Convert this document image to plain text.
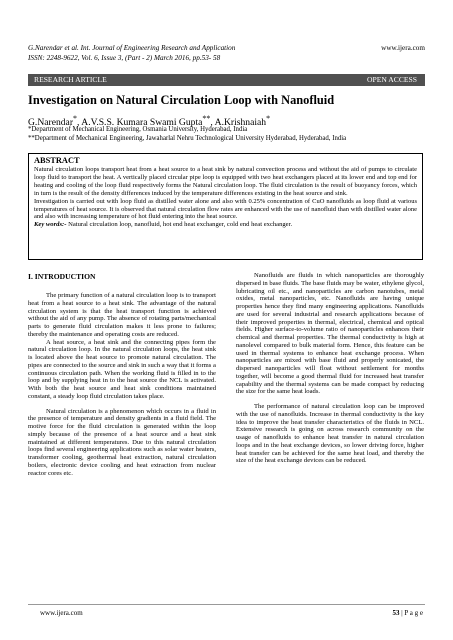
G.Narendar et al. Int. Journal of Engineering Research and Application
ISSN: 2248-9622, Vol. 6, Issue 3, (Part - 2) March 2016, pp.53- 58
www.ijera.com
RESEARCH ARTICLE	OPEN ACCESS
Investigation on Natural Circulation Loop with Nanofluid
G.Narendar*, A.V.S.S. Kumara Swami Gupta**, A.Krishnaiah*
*Department of Mechanical Engineering, Osmania University, Hyderabad, India
**Department of Mechanical Engineering, Jawaharlal Nehru Technological University Hyderabad, Hyderabad, India
ABSTRACT

Natural circulation loops transport heat from a heat source to a heat sink by natural convection process and without the aid of pumps to circulate loop fluid to transport the heat. A vertically placed circular pipe loop is equipped with two heat exchangers placed at its lower end and top end for heating and cooling of the loop fluid respectively forms the Natural circulation loop. The fluid circulation is the result of buoyancy forces, which in turn is the result of the density differences induced by the temperature differences existing in the heat source and sink.

Investigation is carried out with loop fluid as distilled water alone and also with 0.25% concentration of CuO nanofluids as loop fluid at various temperatures of heat source. It is observed that natural circulation flow rates are enhanced with the use of nanofluid than with distilled water alone and also with increasing temperature of hot fluid entering into the heat source.

Key words:- Natural circulation loop, nanofluid, hot end heat exchanger, cold end heat exchanger.

I. INTRODUCTION

The primary function of a natural circulation loop is to transport heat from a heat source to a heat sink. The advantage of the natural circulation system is that the heat transport function is achieved without the aid of any pump. The absence of rotating parts/mechanical parts to generate fluid circulation makes it less prone to failures; thereby the maintenance and operating costs are reduced.

A heat source, a heat sink and the connecting pipes form the natural circulation loop. In the natural circulation loops, the heat sink is located above the heat source to promote natural circulation. The pipes are connected to the source and sink in such a way that it forms a continuous circulation path. When the working fluid is filled in to the loop and by supplying heat in to the heat source the NCL is activated. With both the heat source and heat sink conditions maintained constant, a steady loop fluid circulation takes place.

Natural circulation is a phenomenon which occurs in a fluid in the presence of temperature and density gradients in a fluid field. The motive force for the fluid circulation is generated within the loop simply because of the presence of a heat source and a heat sink maintained at different temperatures. Due to this natural circulation loops find several engineering applications such as solar water heaters, transformer cooling, geothermal heat extraction, natural circulation boilers, electronic device cooling and heat extraction from nuclear reactor cores etc.

Nanofluids are fluids in which nanoparticles are thoroughly dispersed in base fluids. The base fluids may be water, ethylene glycol, lubricating oil etc., and nanoparticles are carbon nanotubes, metal oxides, metal nanoparticles, etc. Nanofluids are having unique properties hence they find many engineering applications. Nanofluids are used for several industrial and research applications because of their improved properties in thermal, electrical, chemical and optical fields. Higher surface-to-volume ratio of nanoparticles enhances their chemical and thermal properties. The thermal conductivity is high at nanolevel compared to bulk material form. Hence, this feature can be used in thermal systems to enhance heat exchange process. When nanoparticles are mixed with base fluid and properly sonicated, the dispersed nanoparticles will float without settlement for months together, will become a good thermal fluid for increased heat transfer capability and the thermal systems can be made compact by reducing the size for the same heat loads.

The performance of natural circulation loop can be improved with the use of nanofluids. Increase in thermal conductivity is the key idea to improve the heat transfer characteristics of the fluids in NCL. Extensive research is going on across research community on the usage of nanofluids to enhance heat transfer in natural circulation loops and in the heat exchange devices, so lower driving force, higher heat transfer can be achieved for the same heat load, and thereby the size of the heat exchange devices can be reduced.

www.ijera.com	53 | P a g e
